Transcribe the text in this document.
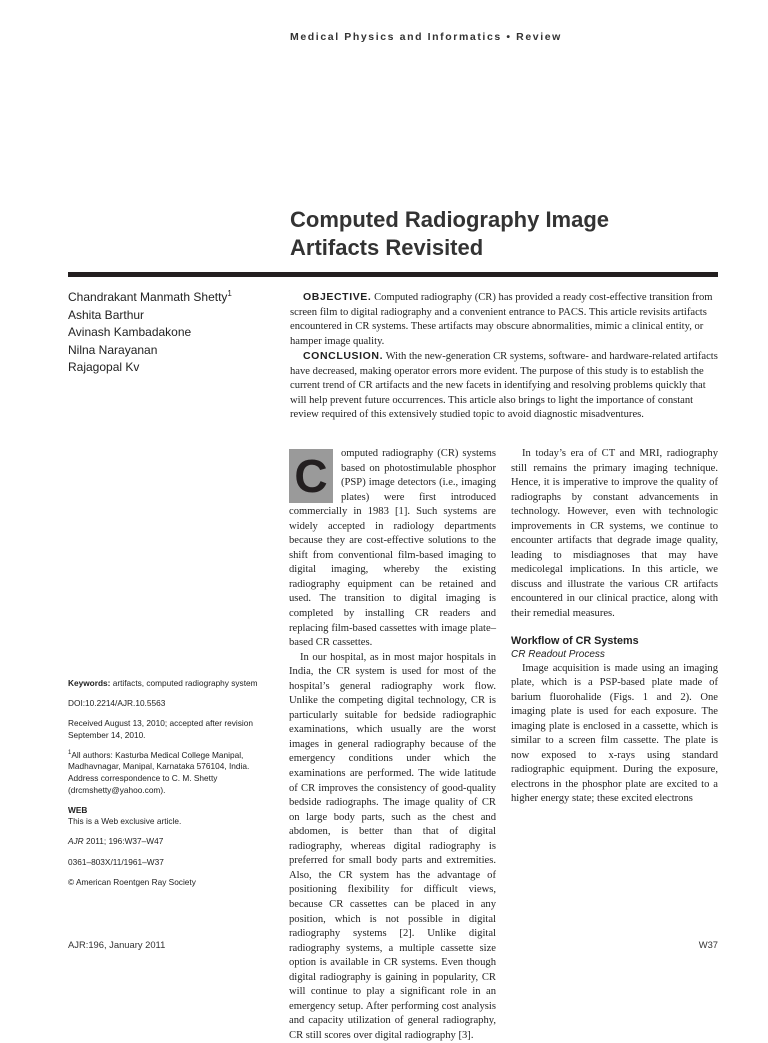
Medical Physics and Informatics • Review
Computed Radiography Image
Artifacts Revisited
Chandrakant Manmath Shetty$^1$
Ashita Barthur
Avinash Kambadakone
Nilna Narayanan
Rajagopal Kv

OBJECTIVE. Computed radiography (CR) has provided a ready cost-effective transition from screen film to digital radiography and a convenient entrance to PACS. This article revisits artifacts encountered in CR systems. These artifacts may obscure abnormalities, mimic a clinical entity, or hamper image quality.

CONCLUSION. With the new-generation CR systems, software- and hardware-related artifacts have decreased, making operator errors more evident. The purpose of this study is to establish the current trend of CR artifacts and the new facets in identifying and resolving problems quickly that will help prevent future occurrences. This article also brings to light the importance of constant review required of this extensively studied topic to avoid diagnostic misadventures.

C	omputed radiography (CR) systems based on photostimulable phosphor (PSP) image detectors (i.e., imaging plates) were first introduced commercially in 1983 [1]. Such systems are widely accepted in radiology departments because they are cost-effective solutions to the shift from conventional film-based imaging to digital imaging, whereby the existing radiography equipment can be retained and used. The transition to digital imaging is completed by installing CR readers and replacing film-based cassettes with image plate–based CR cassettes.

In our hospital, as in most major hospitals in India, the CR system is used for most of the hospital’s general radiography work flow. Unlike the competing digital technology, CR is particularly suitable for bedside radiographic examinations, which usually are the worst images in general radiography because of the emergency conditions under which the examinations are performed. The wide latitude of CR improves the consistency of good-quality bedside radiographs. The image quality of CR on large body parts, such as the chest and abdomen, is better than that of digital radiography, whereas digital radiography is preferred for small body parts and extremities. Also, the CR system has the advantage of positioning flexibility for difficult views, because CR cassettes can be placed in any position, which is not possible in digital radiography systems [2]. Unlike digital radiography systems, a multiple cassette size option is available in CR systems. Even though digital radiography is gaining in popularity, CR will continue to play a significant role in an emergency setup. After performing cost analysis and capacity utilization of general radiography, CR still scores over digital radiography [3].

In today’s era of CT and MRI, radiography still remains the primary imaging technique. Hence, it is imperative to improve the quality of radiographs by constant advancements in technology. However, even with technologic improvements in CR systems, we continue to encounter artifacts that degrade image quality, leading to misdiagnoses that may have medicolegal implications. In this article, we discuss and illustrate the various CR artifacts encountered in our clinical practice, along with their remedial measures.

Workflow of CR Systems
CR Readout Process

Image acquisition is made using an imaging plate, which is a PSP-based plate made of barium fluorohalide (Figs. 1 and 2). One imaging plate is used for each exposure. The imaging plate is enclosed in a cassette, which is similar to a screen film cassette. The plate is now exposed to x-rays using standard radiographic equipment. During the exposure, electrons in the phosphor plate are excited to a higher energy state; these excited electrons

Keywords: artifacts, computed radiography system
DOI:10.2214/AJR.10.5563
Received August 13, 2010; accepted after revision September 14, 2010.
$^1$All authors: Kasturba Medical College Manipal, Madhavnagar, Manipal, Karnataka 576104, India. Address correspondence to C. M. Shetty (drcmshetty@yahoo.com).
WEB
This is a Web exclusive article.
AJR 2011; 196:W37–W47
0361–803X/11/1961–W37
© American Roentgen Ray Society
AJR:196, January 2011	W37
